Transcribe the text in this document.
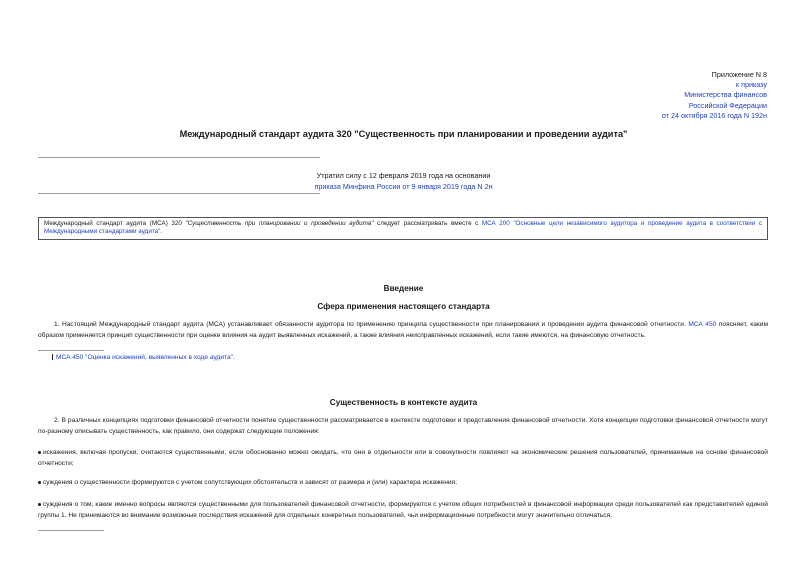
Приложение N 8
к приказу
Министерства финансов
Российской Федерации
от 24 октября 2016 года N 192н
Международный стандарт аудита 320 "Существенность при планировании и проведении аудита"
Утратил силу с 12 февраля 2019 года на основании
приказа Минфина России от 9 января 2019 года N 2н
Международный стандарт аудита (МСА) 320 "Существенность при планировании и проведении аудита" следует рассматривать вместе с МСА 200 "Основные цели независимого аудитора и проведение аудита в соответствии с Международными стандартами аудита".
Введение
Сфера применения настоящего стандарта
1. Настоящий Международный стандарт аудита (МСА) устанавливает обязанности аудитора по применению принципа существенности при планировании и проведении аудита финансовой отчетности. МСА 450 поясняет, каким образом применяется принцип существенности при оценке влияния на аудит выявленных искажений, а также влияния неисправленных искажений, если такие имеются, на финансовую отчетность.
МСА 450 "Оценка искажений, выявленных в ходе аудита".
Существенность в контексте аудита
2. В различных концепциях подготовки финансовой отчетности понятие существенности рассматривается в контексте подготовки и представления финансовой отчетности. Хотя концепции подготовки финансовой отчетности могут по-разному описывать существенность, как правило, они содержат следующие положения:
искажения, включая пропуски, считаются существенными, если обоснованно можно ожидать, что они в отдельности или в совокупности повлияют на экономические решения пользователей, принимаемые на основе финансовой отчетности;
суждения о существенности формируются с учетом сопутствующих обстоятельств и зависят от размера и (или) характера искажения;
суждения о том, какие именно вопросы являются существенными для пользователей финансовой отчетности, формируются с учетом общих потребностей в финансовой информации среди пользователей как представителей единой группы 1. Не принимаются во внимание возможные последствия искажений для отдельных конкретных пользователей, чьи информационные потребности могут значительно отличаться.
